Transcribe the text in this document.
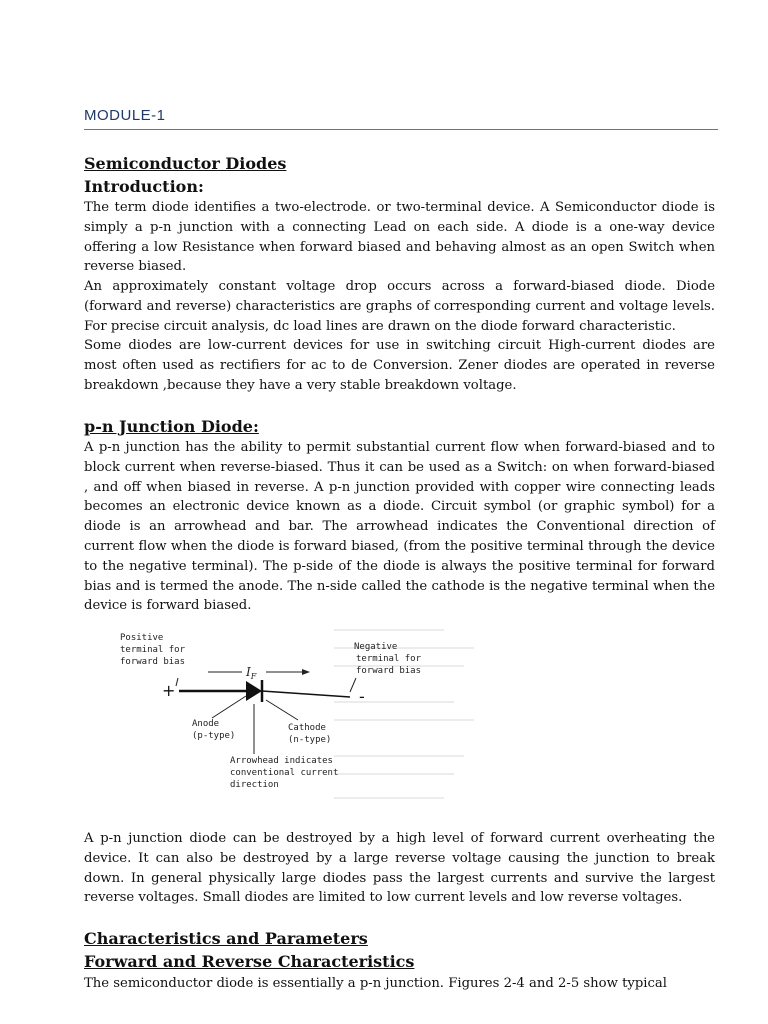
MODULE-1
Semiconductor Diodes
Introduction:

The term diode identifies a two-electrode. or two-terminal device. A Semiconductor diode is simply a p-n junction with a connecting Lead on each side. A diode is a one-way device offering a low Resistance when forward biased and behaving almost as an open Switch when reverse biased.

An approximately constant voltage drop occurs across a forward-biased diode. Diode (forward and reverse) characteristics are graphs of corresponding current and voltage levels. For precise circuit analysis, dc load lines are drawn on the diode forward characteristic.

Some diodes are low-current devices for use in switching circuit High-current diodes are most often used as rectifiers for ac to de Conversion. Zener diodes are operated in reverse breakdown ,because they have a very stable breakdown voltage.

p-n Junction Diode:

A p-n junction has the ability to permit substantial current flow when forward-biased and to block current when reverse-biased. Thus it can be used as a Switch: on when forward-biased , and off when biased in reverse. A p-n junction provided with copper wire connecting leads becomes an electronic device known as a diode. Circuit symbol (or graphic symbol) for a diode is an arrowhead and bar. The arrowhead indicates the Conventional direction of current flow when the diode is forward biased, (from the positive terminal through the device to the negative terminal). The p-side of the diode is always the positive terminal for forward bias and is termed the anode. The n-side called the cathode is the negative terminal when the device is forward biased.

Positive
terminal for
forward bias
Negative
terminal for
forward bias
$I_F$
+	-
Anode
(p-type)
Cathode
(n-type)
Arrowhead indicates
conventional current
direction

A p-n junction diode can be destroyed by a high level of forward current overheating the device. It can also be destroyed by a large reverse voltage causing the junction to break down. In general physically large diodes pass the largest currents and survive the largest reverse voltages. Small diodes are limited to low current levels and low reverse voltages.

Characteristics and Parameters
Forward and Reverse Characteristics

The semiconductor diode is essentially a p-n junction. Figures 2-4 and 2-5 show typical
